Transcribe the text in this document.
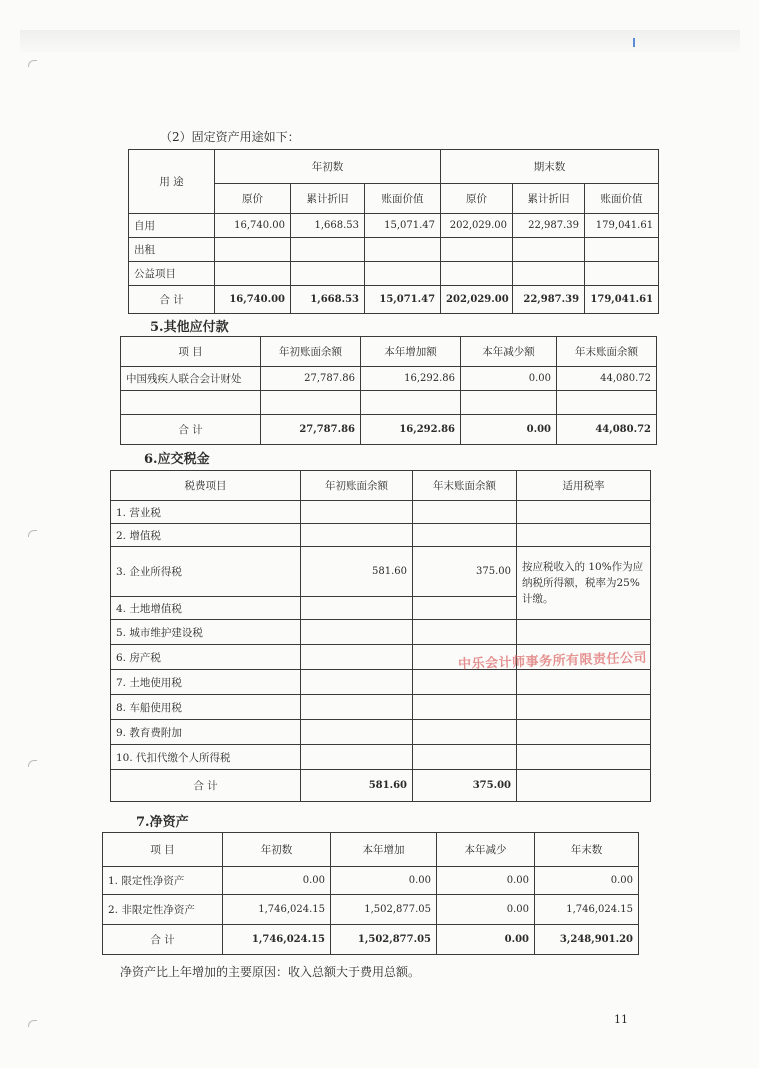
（2）固定资产用途如下：
用 途	年初数			期末数		
	原价	累计折旧	账面价值	原价	累计折旧	账面价值
自用	16,740.00	1,668.53	15,071.47	202,029.00	22,987.39	179,041.61
出租						
公益项目						
合 计	16,740.00	1,668.53	15,071.47	202,029.00	22,987.39	179,041.61
5.其他应付款
项 目	年初账面余额	本年增加额	本年减少额	年末账面余额
中国残疾人联合会计财处	27,787.86	16,292.86	0.00	44,080.72

合 计	27,787.86	16,292.86	0.00	44,080.72
6.应交税金
税费项目	年初账面余额	年末账面余额	适用税率
1. 营业税			
2. 增值税			
3. 企业所得税	581.60	375.00	按应税收入的 10%作为应纳税所得额，税率为25%计缴。
4. 土地增值税			
5. 城市维护建设税			
6. 房产税			
7. 土地使用税			
8. 车船使用税			
9. 教育费附加			
10. 代扣代缴个人所得税			
合 计	581.60	375.00	
中乐会计师事务所有限责任公司
7.净资产
项 目	年初数	本年增加	本年减少	年末数
1. 限定性净资产	0.00	0.00	0.00	0.00
2. 非限定性净资产	1,746,024.15	1,502,877.05	0.00	1,746,024.15
合 计	1,746,024.15	1,502,877.05	0.00	3,248,901.20
净资产比上年增加的主要原因：收入总额大于费用总额。
11
